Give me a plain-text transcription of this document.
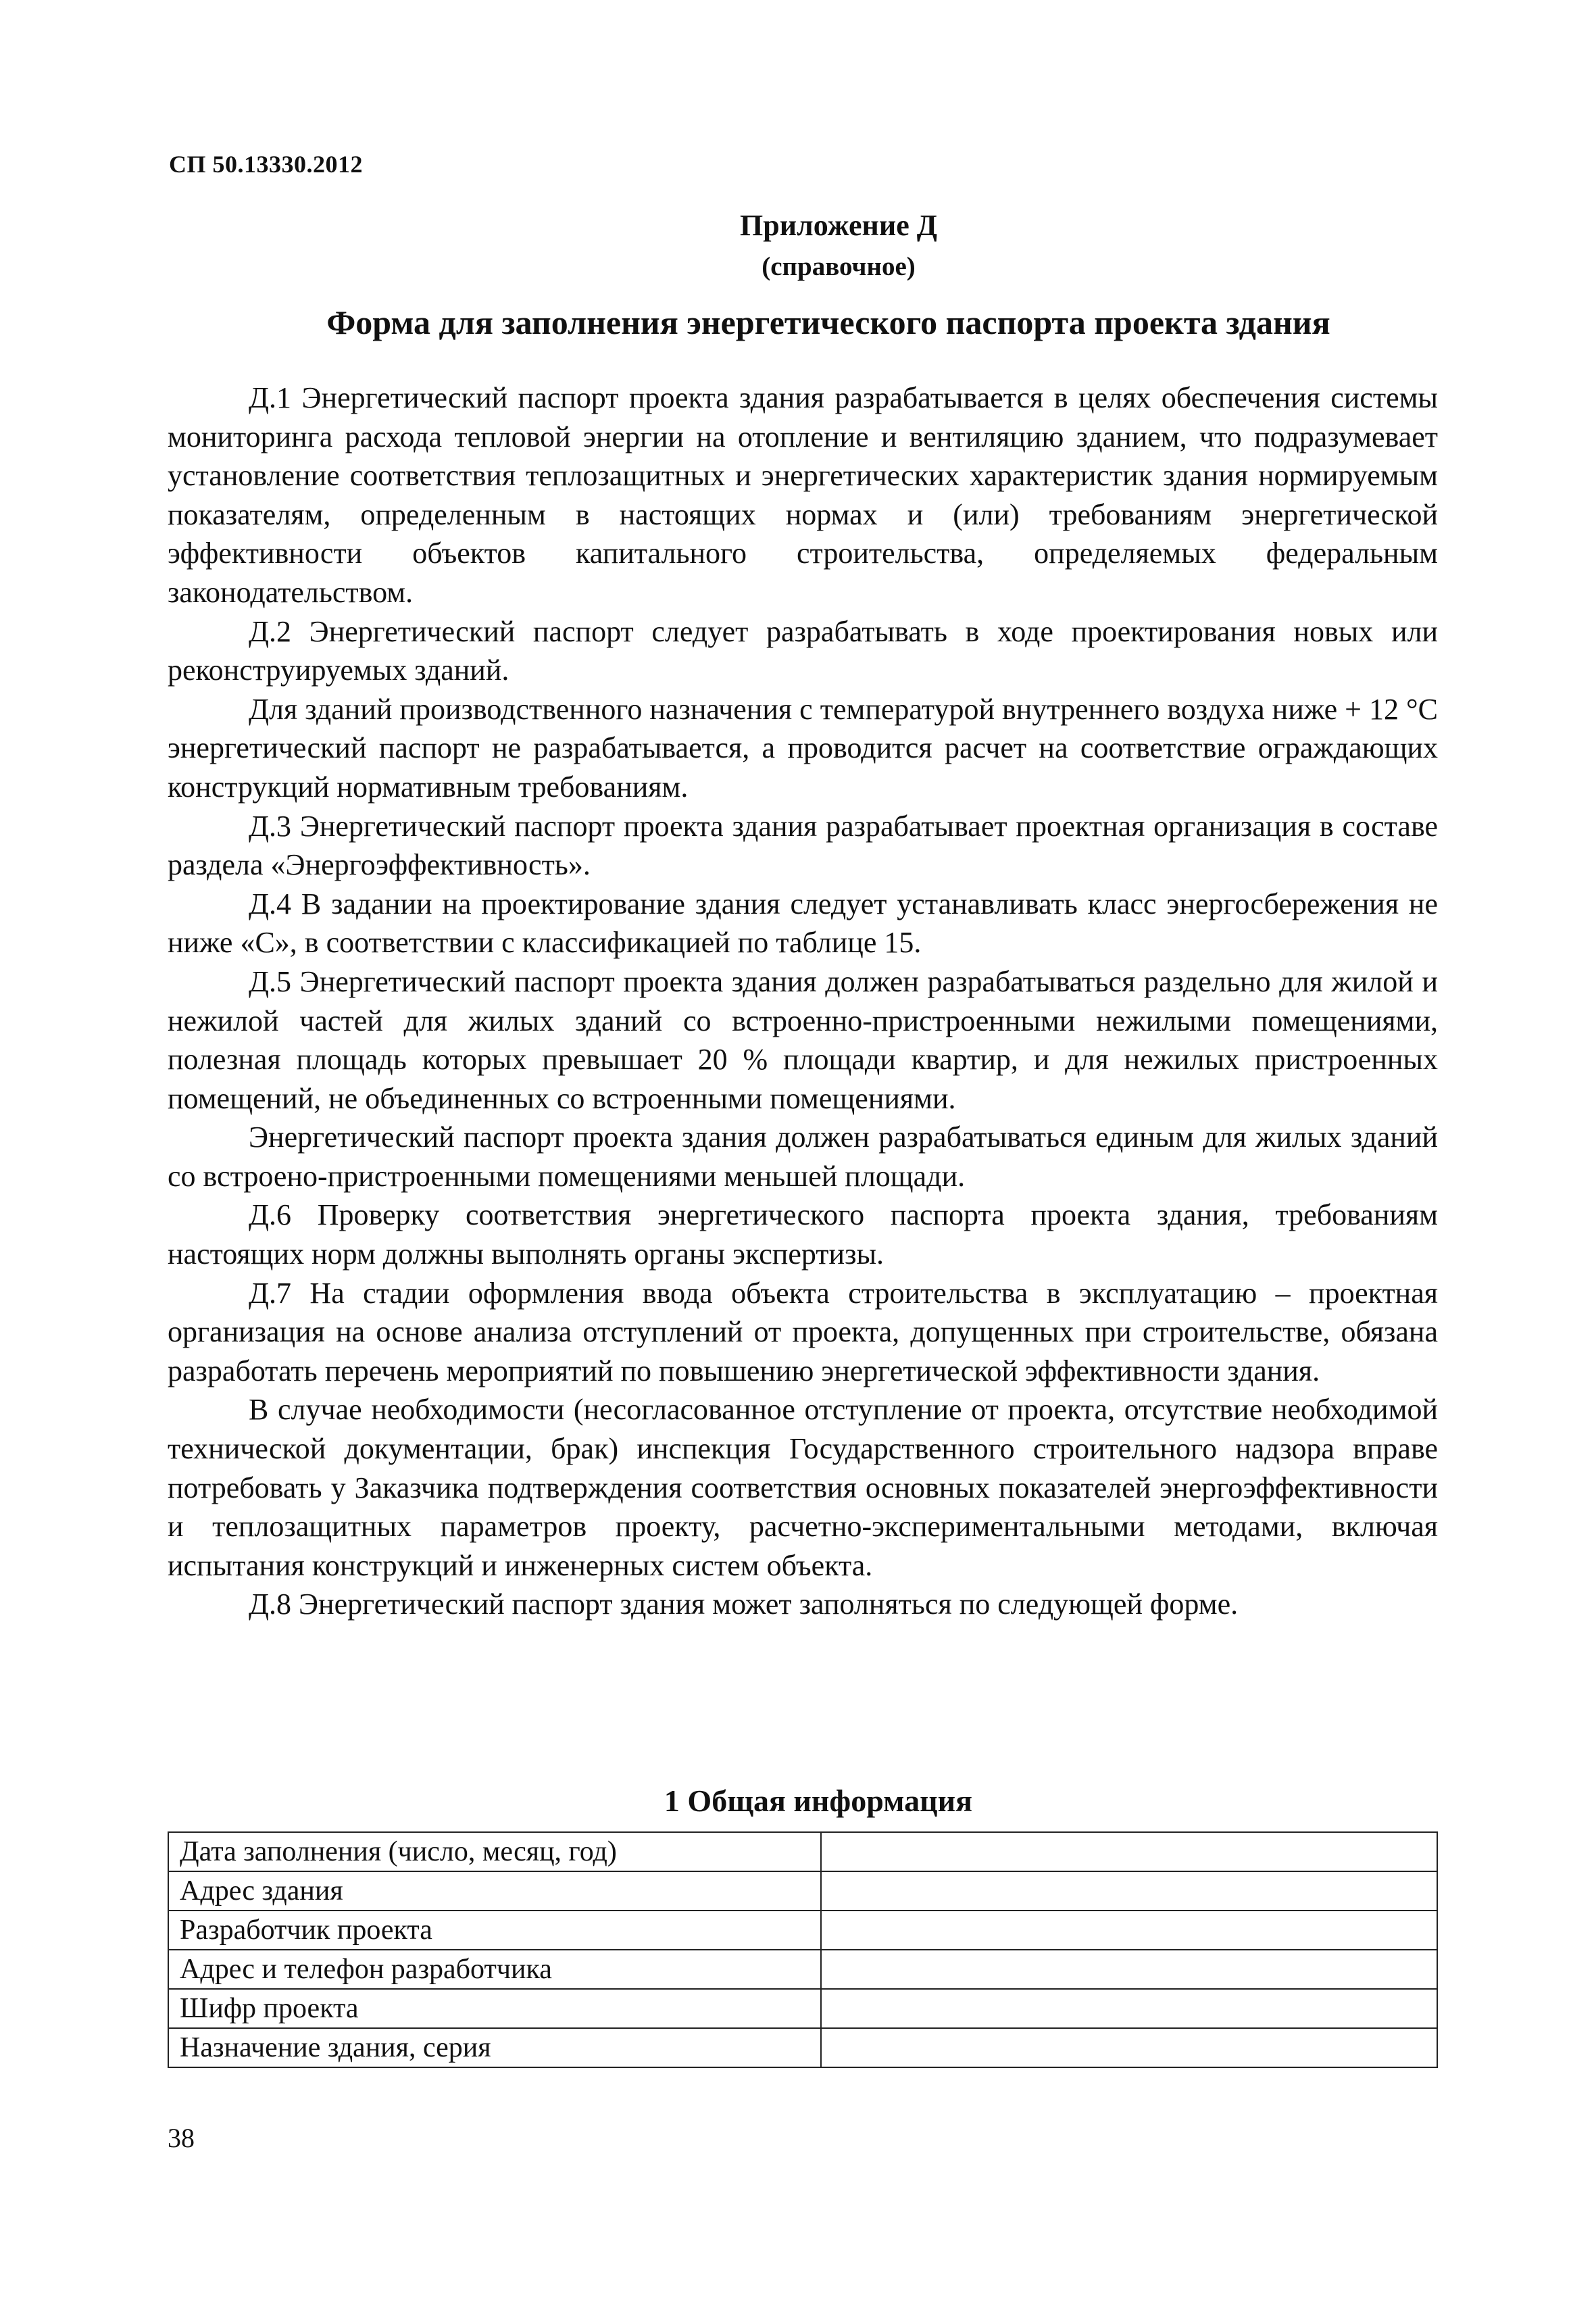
СП 50.13330.2012
Приложение Д
(справочное)
Форма для заполнения энергетического паспорта проекта здания

Д.1 Энергетический паспорт проекта здания разрабатывается в целях обеспечения системы мониторинга расхода тепловой энергии на отопление и вентиляцию зданием, что подразумевает установление соответствия теплозащитных и энергетических характеристик здания нормируемым показателям, определенным в настоящих нормах и (или) требованиям энергетической эффективности объектов капитального строительства, определяемых федеральным законодательством.

Д.2 Энергетический паспорт следует разрабатывать в ходе проектирования новых или реконструируемых зданий.

Для зданий производственного назначения с температурой внутреннего воздуха ниже + 12 °С энергетический паспорт не разрабатывается, а проводится расчет на соответствие ограждающих конструкций нормативным требованиям.

Д.3 Энергетический паспорт проекта здания разрабатывает проектная организация в составе раздела «Энергоэффективность».

Д.4 В задании на проектирование здания следует устанавливать класс энергосбережения не ниже «С», в соответствии с классификацией по таблице 15.

Д.5 Энергетический паспорт проекта здания должен разрабатываться раздельно для жилой и нежилой частей для жилых зданий со встроенно-пристроенными нежилыми помещениями, полезная площадь которых превышает 20 % площади квартир, и для нежилых пристроенных помещений, не объединенных со встроенными помещениями.

Энергетический паспорт проекта здания должен разрабатываться единым для жилых зданий со встроено-пристроенными помещениями меньшей площади.

Д.6 Проверку соответствия энергетического паспорта проекта здания, требованиям настоящих норм должны выполнять органы экспертизы.

Д.7 На стадии оформления ввода объекта строительства в эксплуатацию – проектная организация на основе анализа отступлений от проекта, допущенных при строительстве, обязана разработать перечень мероприятий по повышению энергетической эффективности здания.

В случае необходимости (несогласованное отступление от проекта, отсутствие необходимой технической документации, брак) инспекция Государственного строительного надзора вправе потребовать у Заказчика подтверждения соответствия основных показателей энергоэффективности и теплозащитных параметров проекту, расчетно-экспериментальными методами, включая испытания конструкций и инженерных систем объекта.

Д.8 Энергетический паспорт здания может заполняться по следующей форме.

1 Общая информация
Дата заполнения (число, месяц, год)	
Адрес здания	
Разработчик проекта	
Адрес и телефон разработчика	
Шифр проекта	
Назначение здания, серия	
38
